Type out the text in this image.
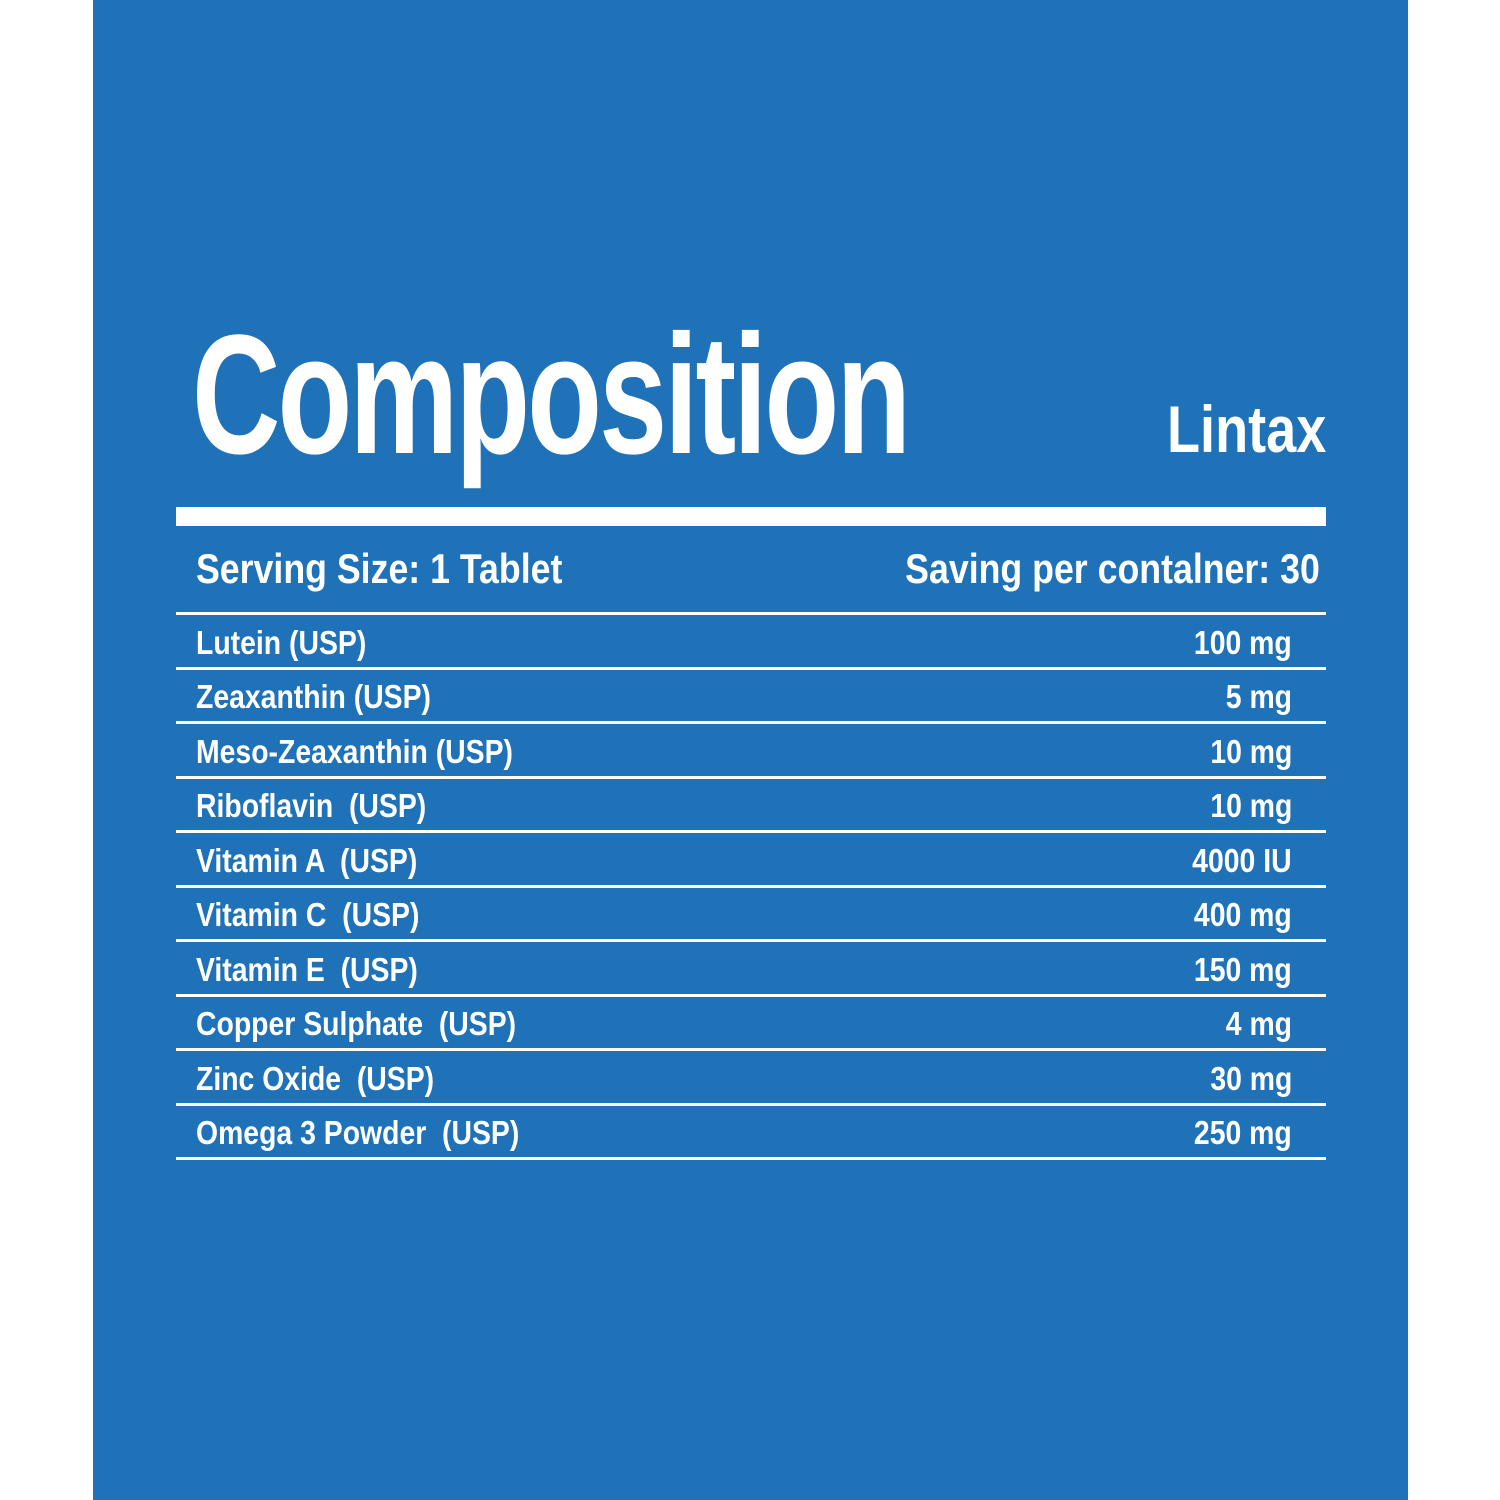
Composition	Lintax
Serving Size: 1 Tablet	Saving per contalner: 30
Lutein (USP)	100 mg
Zeaxanthin (USP)	5 mg
Meso-Zeaxanthin (USP)	10 mg
Riboflavin  (USP)	10 mg
Vitamin A  (USP)	4000 IU
Vitamin C  (USP)	400 mg
Vitamin E  (USP)	150 mg
Copper Sulphate  (USP)	4 mg
Zinc Oxide  (USP)	30 mg
Omega 3 Powder  (USP)	250 mg
